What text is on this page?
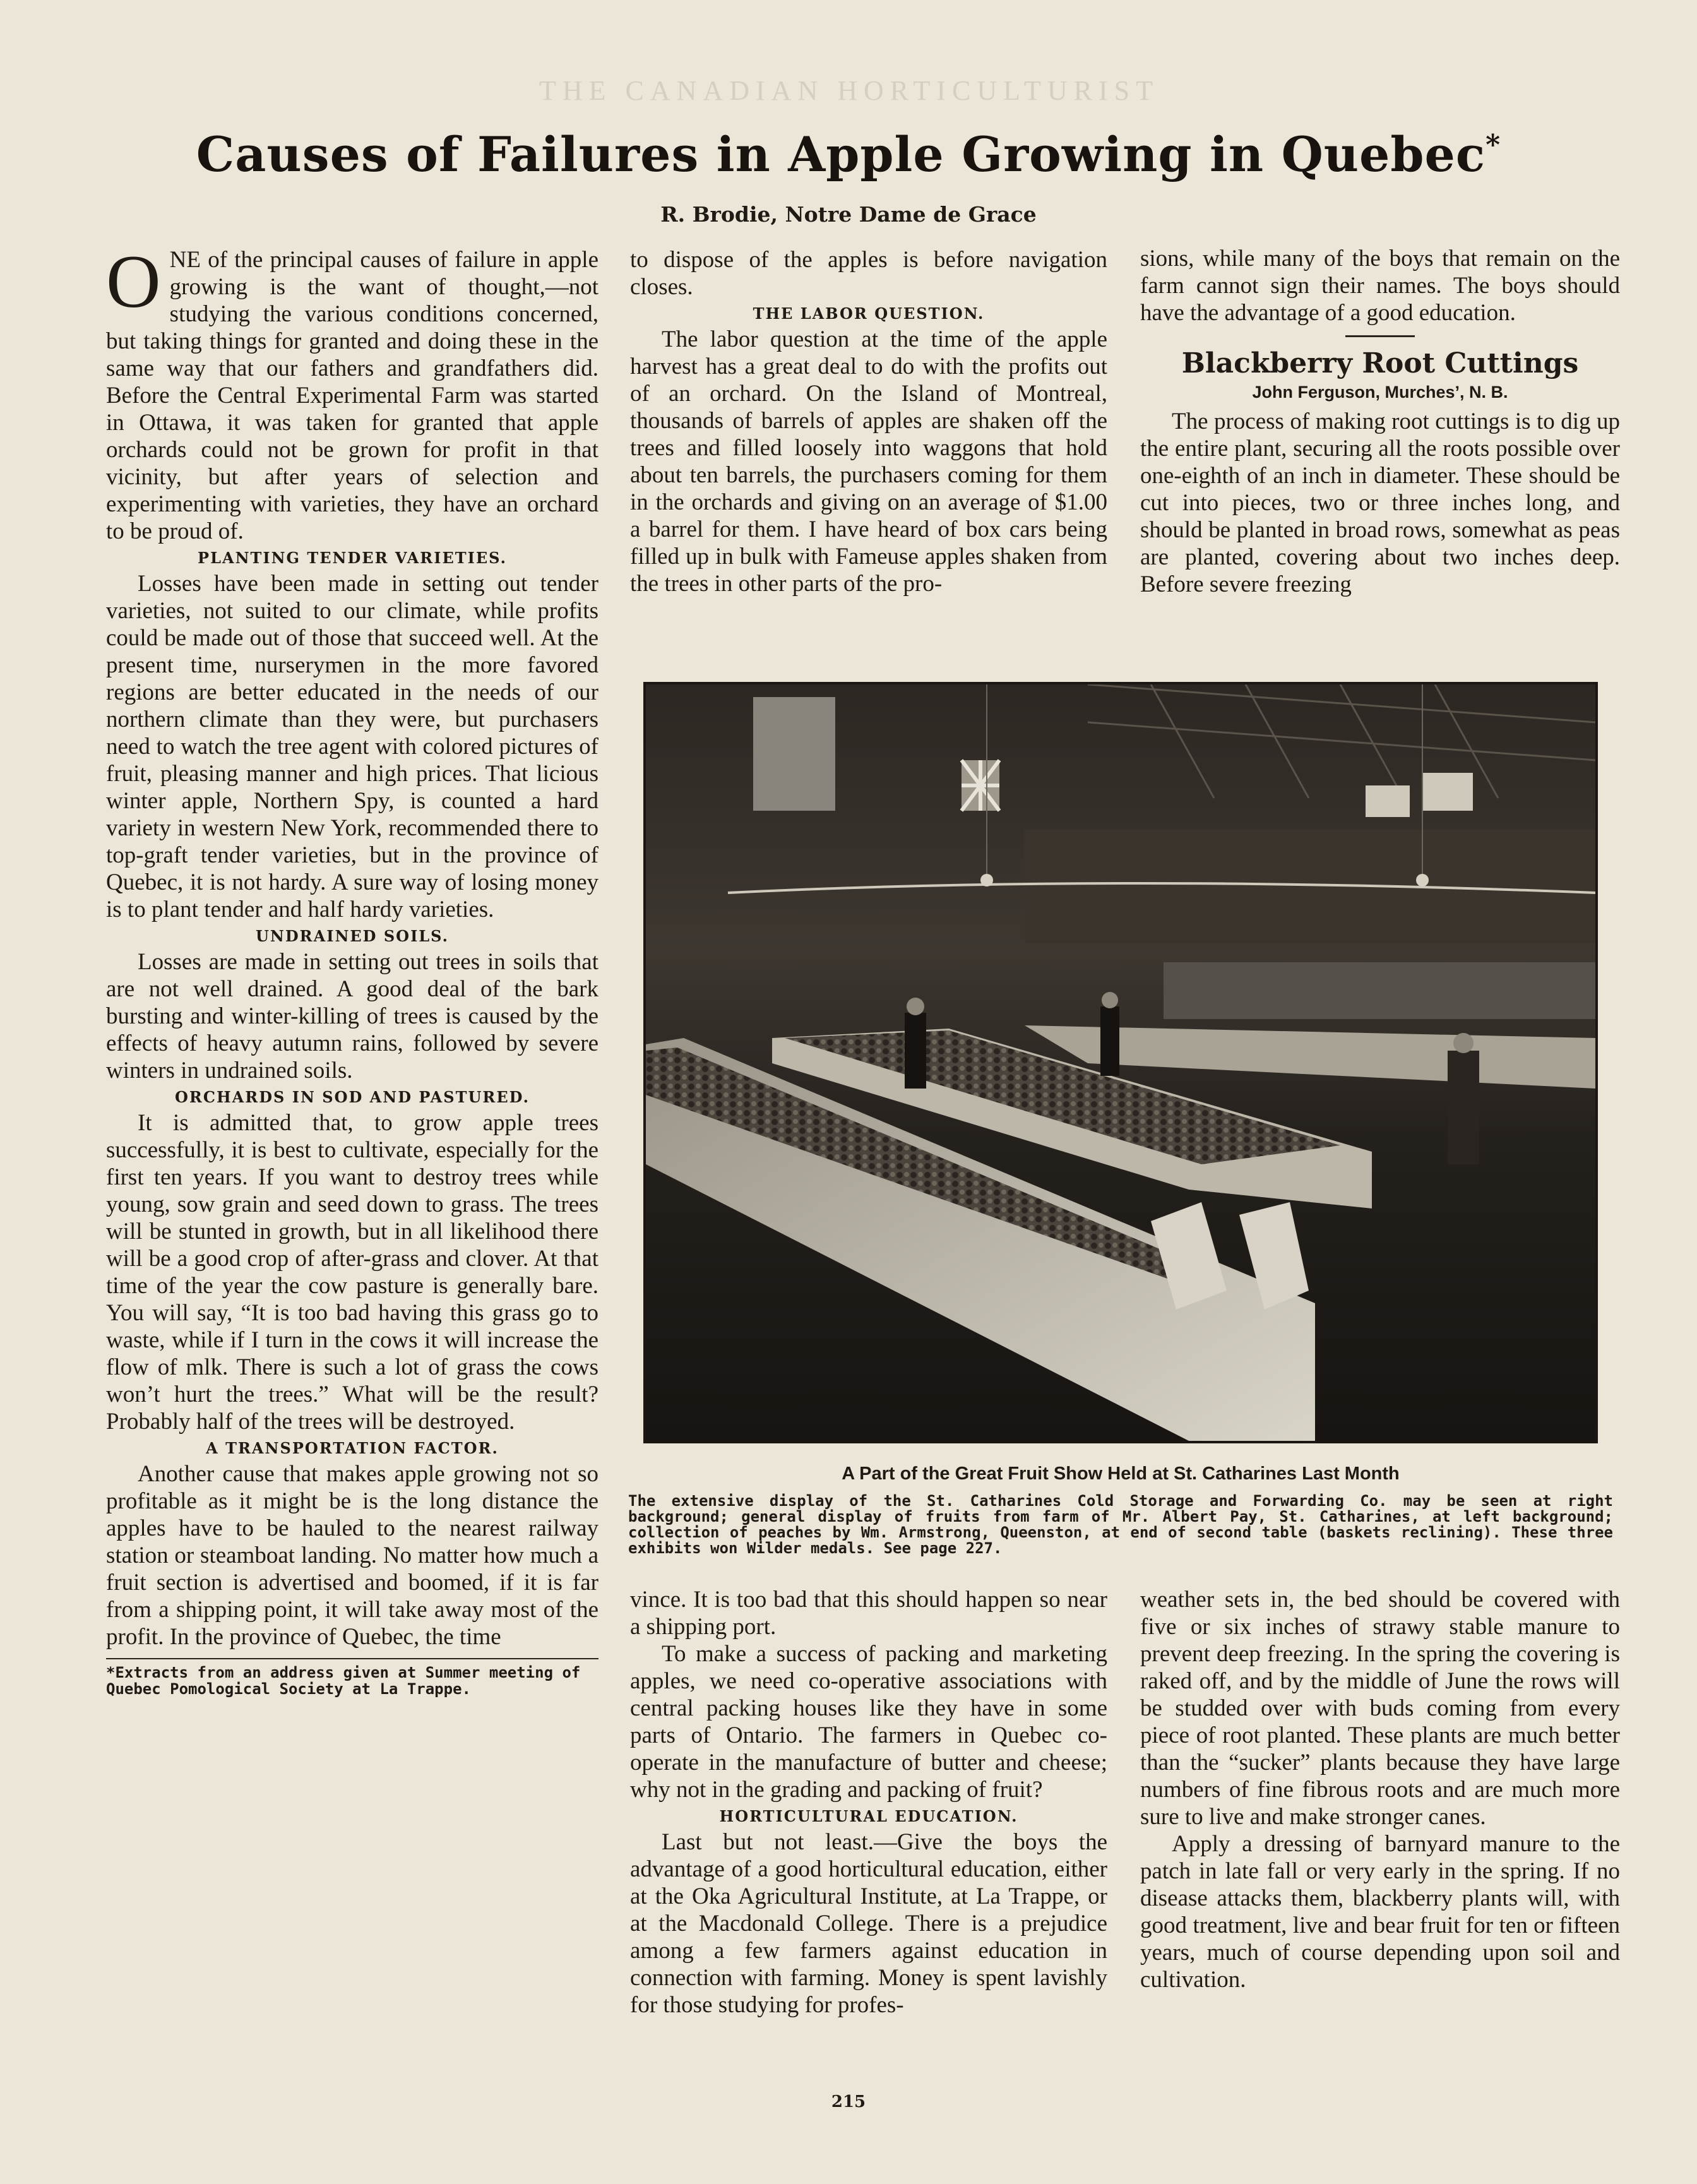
THE CANADIAN HORTICULTURIST
Causes of Failures in Apple Growing in Quebec*
R. Brodie, Notre Dame de Grace

ONE of the principal causes of failure in apple growing is the want of thought,—not studying the various conditions concerned, but taking things for granted and doing these in the same way that our fathers and grandfathers did. Before the Central Experimental Farm was started in Ottawa, it was taken for granted that apple orchards could not be grown for profit in that vicinity, but after years of selection and experimenting with varieties, they have an orchard to be proud of.

PLANTING TENDER VARIETIES.

Losses have been made in setting out tender varieties, not suited to our climate, while profits could be made out of those that succeed well. At the present time, nurserymen in the more favored regions are better educated in the needs of our northern climate than they were, but purchasers need to watch the tree agent with colored pictures of fruit, pleasing manner and high prices. That licious winter apple, Northern Spy, is counted a hard variety in western New York, recommended there to top-graft tender varieties, but in the province of Quebec, it is not hardy. A sure way of losing money is to plant tender and half hardy varieties.

UNDRAINED SOILS.

Losses are made in setting out trees in soils that are not well drained. A good deal of the bark bursting and winter-killing of trees is caused by the effects of heavy autumn rains, followed by severe winters in undrained soils.

ORCHARDS IN SOD AND PASTURED.

It is admitted that, to grow apple trees successfully, it is best to cultivate, especially for the first ten years. If you want to destroy trees while young, sow grain and seed down to grass. The trees will be stunted in growth, but in all likelihood there will be a good crop of after-grass and clover. At that time of the year the cow pasture is generally bare. You will say, “It is too bad having this grass go to waste, while if I turn in the cows it will increase the flow of mlk. There is such a lot of grass the cows won’t hurt the trees.” What will be the result? Probably half of the trees will be destroyed.

A TRANSPORTATION FACTOR.

Another cause that makes apple growing not so profitable as it might be is the long distance the apples have to be hauled to the nearest railway station or steamboat landing. No matter how much a fruit section is advertised and boomed, if it is far from a shipping point, it will take away most of the profit. In the province of Quebec, the time

*Extracts from an address given at Summer meeting of Quebec Pomological Society at La Trappe.

to dispose of the apples is before navigation closes.

THE LABOR QUESTION.

The labor question at the time of the apple harvest has a great deal to do with the profits out of an orchard. On the Island of Montreal, thousands of barrels of apples are shaken off the trees and filled loosely into waggons that hold about ten barrels, the purchasers coming for them in the orchards and giving on an average of $1.00 a barrel for them. I have heard of box cars being filled up in bulk with Fameuse apples shaken from the trees in other parts of the pro-

sions, while many of the boys that remain on the farm cannot sign their names. The boys should have the advantage of a good education.

Blackberry Root Cuttings
John Ferguson, Murches’, N. B.

The process of making root cuttings is to dig up the entire plant, securing all the roots possible over one-eighth of an inch in diameter. These should be cut into pieces, two or three inches long, and should be planted in broad rows, somewhat as peas are planted, covering about two inches deep. Before severe freezing

A Part of the Great Fruit Show Held at St. Catharines Last Month
The extensive display of the St. Catharines Cold Storage and Forwarding Co. may be seen at right background; general display of fruits from farm of Mr. Albert Pay, St. Catharines, at left background; collection of peaches by Wm. Armstrong, Queenston, at end of second table (baskets reclining). These three exhibits won Wilder medals. See page 227.

vince. It is too bad that this should happen so near a shipping port.

To make a success of packing and marketing apples, we need co-operative associations with central packing houses like they have in some parts of Ontario. The farmers in Quebec co-operate in the manufacture of butter and cheese; why not in the grading and packing of fruit?

HORTICULTURAL EDUCATION.

Last but not least.—Give the boys the advantage of a good horticultural education, either at the Oka Agricultural Institute, at La Trappe, or at the Macdonald College. There is a prejudice among a few farmers against education in connection with farming. Money is spent lavishly for those studying for profes-

weather sets in, the bed should be covered with five or six inches of strawy stable manure to prevent deep freezing. In the spring the covering is raked off, and by the middle of June the rows will be studded over with buds coming from every piece of root planted. These plants are much better than the “sucker” plants because they have large numbers of fine fibrous roots and are much more sure to live and make stronger canes.

Apply a dressing of barnyard manure to the patch in late fall or very early in the spring. If no disease attacks them, blackberry plants will, with good treatment, live and bear fruit for ten or fifteen years, much of course depending upon soil and cultivation.

215
